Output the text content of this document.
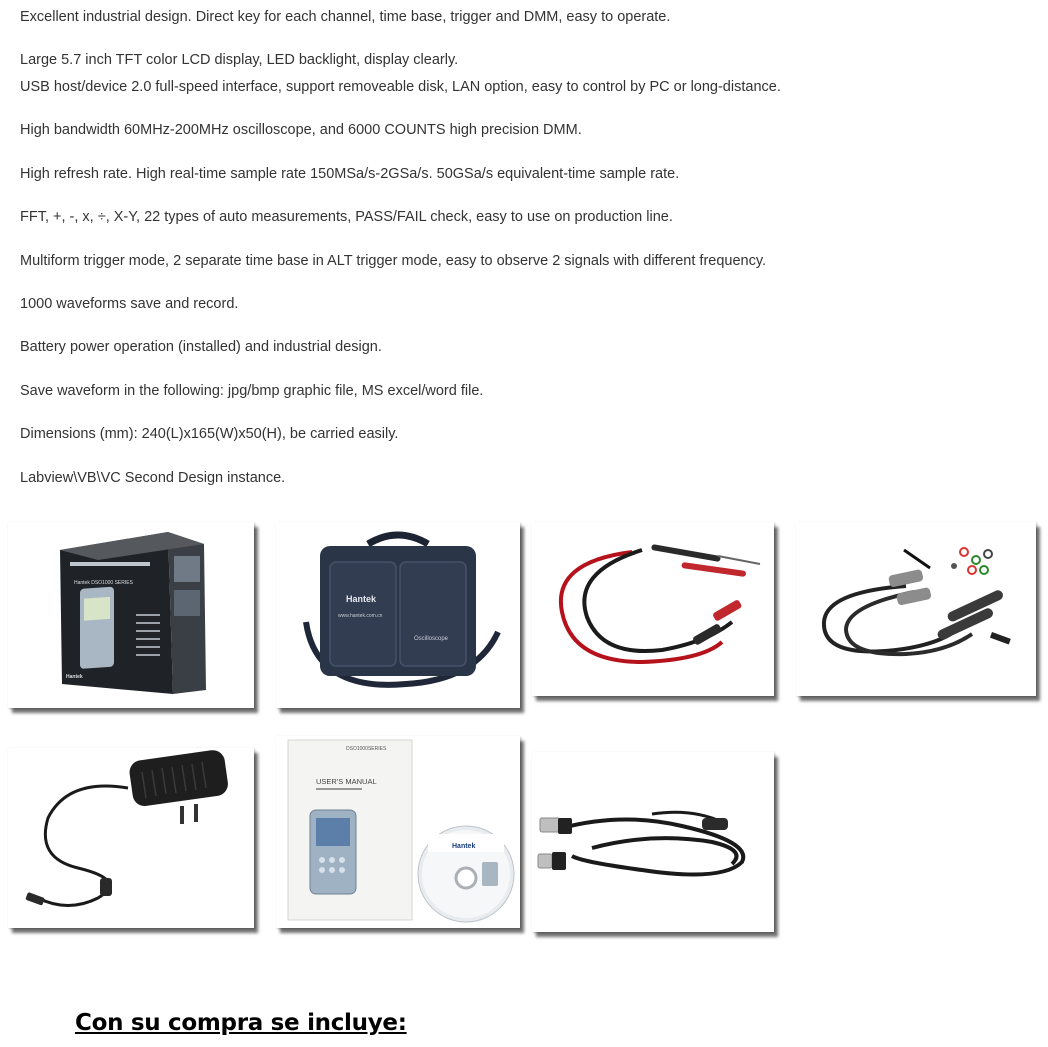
Excellent industrial design. Direct key for each channel, time base, trigger and DMM, easy to operate.
Large 5.7 inch TFT color LCD display, LED backlight, display clearly.
USB host/device 2.0 full-speed interface, support removeable disk, LAN option, easy to control by PC or long-distance.
High bandwidth 60MHz-200MHz oscilloscope, and 6000 COUNTS high precision DMM.
High refresh rate. High real-time sample rate 150MSa/s-2GSa/s. 50GSa/s equivalent-time sample rate.
FFT, +, -, x, ÷, X-Y, 22 types of auto measurements, PASS/FAIL check, easy to use on production line.
Multiform trigger mode, 2 separate time base in ALT trigger mode, easy to observe 2 signals with different frequency.
1000 waveforms save and record.
Battery power operation (installed) and industrial design.
Save waveform in the following: jpg/bmp graphic file, MS excel/word file.
Dimensions (mm): 240(L)x165(W)x50(H), be carried easily.
Labview\VB\VC Second Design instance.
Hantek DSO1000 SERIES
Hantek
Hantek
www.hantek.com.cn
Oscilloscope
DSO1000SERIES
USER'S MANUAL
Hantek
Con su compra se incluye:
